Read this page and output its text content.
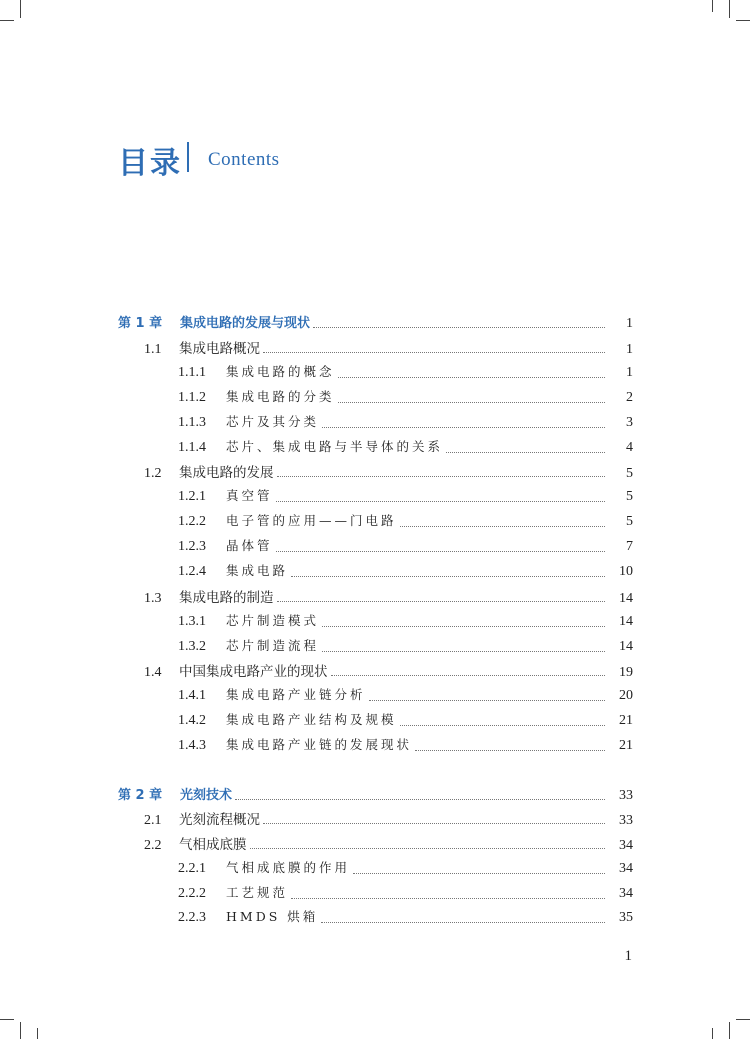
目录 Contents
第 1 章	集成电路的发展与现状	1
1.1	集成电路概况	1
1.1.1	集成电路的概念	1
1.1.2	集成电路的分类	2
1.1.3	芯片及其分类	3
1.1.4	芯片、集成电路与半导体的关系	4
1.2	集成电路的发展	5
1.2.1	真空管	5
1.2.2	电子管的应用——门电路	5
1.2.3	晶体管	7
1.2.4	集成电路	10
1.3	集成电路的制造	14
1.3.1	芯片制造模式	14
1.3.2	芯片制造流程	14
1.4	中国集成电路产业的现状	19
1.4.1	集成电路产业链分析	20
1.4.2	集成电路产业结构及规模	21
1.4.3	集成电路产业链的发展现状	21
第 2 章	光刻技术	33
2.1	光刻流程概况	33
2.2	气相成底膜	34
2.2.1	气相成底膜的作用	34
2.2.2	工艺规范	34
2.2.3	HMDS 烘箱	35
1
